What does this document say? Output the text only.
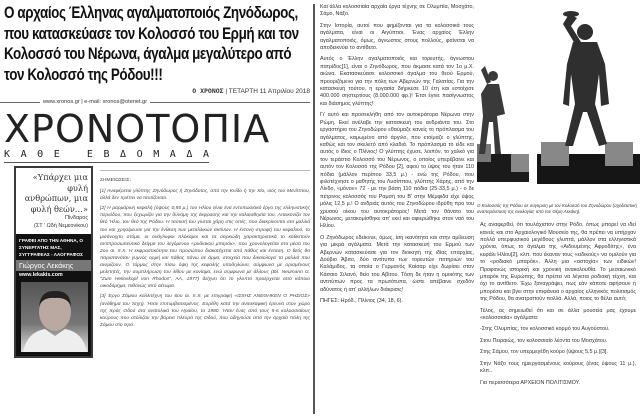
Ο αρχαίος Έλληνας αγαλματοποιός Ζηνόδωρος, που κατασκεύασε τον Κολοσσό του Ερμή και τον Κολοσσό του Νέρωνα, άγαλμα μεγαλύτερο από τον Κολοσσό της Ρόδου!!!
Ο ΧΡΟΝΟΣ | ΤΕΤΑΡΤΗ 11 Απριλίου 2018
www.xronos.gr | e-mail: xronos@otenet.gr
ΧΡΟΝΟΤΟΠΙΑ
Κ Α Θ Ε
	Ε Β Δ Ο Μ Α Δ Α
«Υπάρχει μια φυλή ανθρώπων, μια φυλή θεών…»
Πίνδαρος
(ΣΤ ' Ωδή Νεμεονίκου)
ΓΡΑΦΕΙ ΑΠΟ ΤΗΝ ΑΘΗΝΑ, Ο ΣΥΝΕΡΓΑΤΗΣ ΜΑΣ, ΣΥΓΓΡΑΦΕΑΣ - ΛΑΟΓΡΑΦΟΣ
Γιώργος Λεκάκης
www.lekakis.com
ΣΗΜΕΙΩΣΕΙΣ:

[1] Αναφέρεται γλύπτης Ζηνόδωρος ή Ζηνόδοτος, από την Κνίδο ή την Χίο, υιός του Μενίππου, αλλά δεν πρέπει να ταυτίζονται.

[2] Η μαρμάρινη κεφαλή (ύψους 0,55 μ.) του Ηλίου είναι ένα εντυπωσιακό έργο της ελληνιστικής περιόδου, που ξεχωρίζει για την δύναμη της έκφρασης και την καλαισθησία του. Απεικονίζει τον θεό Ήλιο, τον θεό της Ρόδου. Η ταύτισή του γίνεται χάρη στις οπές, που διακρίνονται στα μαλλιά του και χρησίμευαν για την ένθεση των μεταλλικών ακτίνων. Η έντονη στροφή του κεφαλιού, το μισάνοιχτο στόμα, οι ανάγλυφοι πλόκαμοι και τα σαρκώδη χαρακτηριστικά το καθιστούν αντιπροσωπευτικό δείγμα του λεγόμενου «ροδιακού μπαρόκ», που χρονολογείται στα μέσα του 2ου αι. π.Χ. Η εκφραστικότητα του προσώπου διακατέχεται από πάθος και ένταση. Ο θεός θα παριστανόταν γυμνός ορμή και πάθος πάνω σε άρμα, στοιχεία που δικαιολογεί τα μαλλιά που ανεμίζουν. Ο τόρμος στην πίσω όψη της κεφαλής υποδηλώνει, σύμφωνα με ορισμένους μελετητές, την συμπλήρωση του λίθου με κονίαμα, ενώ σύμφωνα με άλλους (Βλ. Neumann G. "Zum Helioskopf von Rhodos", AA, 1977) δείχνει ότι το γλυπτό προέρχεται από κάποιο οικοδόμημα, πιθανώς από αέτωμα.

[3] Έργο Σάμιου καλλιτέχνη του 6ου αι. π.Χ. με επιγραφή «ΙΣΧΗΣ ΑΝΕΘΗΚΕΝ Ο ΡΗΣΙΟΣ» (ανάθημα του Ίσχη). Ήταν επιτυμβιατισμένος. Ευρέθη κατά την ανασκαφική έρευνα στον χώρο της Ιεράς Οδού στα ανατολικά του Ηραίου, το 1980. Ήταν ένας από τους 5-6 κολοσσιαίους κούρους που στόλιζαν την βόρεια πλευρά της Οδού, που οδηγούσε από την αρχαία πόλη της Σάμου στο Ιερό.

Και άλλα κολοσσιαία αρχαία έργα τέχνης σε Ολυμπία, Μοσχάτο, Σάμο, Νάξο.

Στην Ιστορία, αυτοί που φημίζονται για τα κολοσσικά τους αγάλματα, είναι οι Αιγύπτιοι. Ένας αρχαίος Έλλην αγαλματοποιός, όμως, άγνωστος στους πολλούς, φαίνεται να αποδεικνύει το αντίθετο.

Αυτός ο Έλλην αγαλματοποιός και τορευτής, άγνωστου πατρίδος[1], είναι ο Ζηνόδωρος, που άκμασε κατά τον 1ο μ.Χ. αιώνα. Εκατασκεύασε κολοσσικό άγαλμα του θεού Ερμού, προοριζόμενο για την πόλη των Αβερνών της Γαλατίας. Για την κατασκευή τούτου, η εργασία διήρκεσε 10 έτη και εστοίχισε 400.000 σηστερτίους (8.000.000 φρ.)! Έτσι έγινε πασίγνωστος και διάσημος γλύπτης!

Γι' αυτό και προσεκλήθη από τον αυτοκράτορα Νέρωνα στην Ρώμη. Εκεί ανέλαβε την κατασκευή του ανδριάντα του. Στο εργαστήριο του Ζηνοδώρου εθαύμαζε κανείς το πρόπλασμα του αγάλματος, καμωμένο από άργιλο, που ετοίμαζε ο γλύπτης, καθώς και τον σκελετό από κλαδιά. Το πρόπλασμα το είδε και αυτός ο ίδιος ο Πλίνιος! Ο γλύπτης έχυσε, λοιπόν, το χαλκό για τον τεράστιο Κολοσσό του Νέρωνος, ο οποίος υπερέβαινε και αυτόν τον Κολοσσό της Ρόδου [2], αφού το ύψος του ήταν 110 πόδια (μάλλον περίπου 33,5 μ.) - ενώ της Ρόδου, που φιλοτέχνησε ο μαθητής του Λυσίππου, γλύπτης Χάρης, από την Λίνδο, «μόνον» 72 - με την βάση 110 πόδια (25-33,5 μ.) - ο δε πέτρινος κολοσσός του Ραμσή του Β' στην Μέμφιδα είχε ύψος μόλις 12,5 μ.! Ο ανδριάς αυτός του Ζηνοδώρου ιδρύθη προ του χρυσού οίκου του αυτοκράτορος! Μετά τον θάνατο του Νέρωνος, μετακομίσθηκε απ' εκεί και αφιερώθηκε στον ναό του Ηλίου.

Ο Ζηνόδωρος εδείκνυε, όμως, ίση ικανότητα και στην αμίλευση για μικρά αγάλματα. Μετά την κατασκευή του Ερμού των Αβερνών κατασκεύασε για τον διοικητή της ιδίας επαρχίας, Δούβιο Άβιτο, δύο αντίτυπα των τορευτών ποτηριών του Καλάμιδος, τα οποία ο Γερμανός Καίσαρ είχε δωρίσει στον Κάσσιο Σιλανό, θείο του Αβίτου. Τόση δε ήταν η ομοιότης των αντιτύπων προς τα πρωτότυπα, ώστε απέβαινε σχεδόν αδύνατος ή απ' αλλήλων διάκρισις!

ΠΗΓΕΣ: Ηρόδ., Πλίνιος (34, 18, 6).

Ο Κολοσσός της Ρόδου σε σύγκριση με τον Κολοσσό του Ζηνοδώρου (σχεδιαστική αναπαράσταση της αναλογίας από τον Θέμη Λεκάκη).

Ας αναφερθεί, ότι τουλάχιστον στην Ρόδο, όπως μπορεί να ιδεί κανείς και στο Αρχαιολογικό Μουσείο της, θα πρέπει να υπήρχαν πολλά υπερφυσικού μεγέθους γλυπτά, μάλλον στα ελληνιστικά χρόνια, όπως το άγαλμα της «Αιδουμένης Αφροδίτης», ένα κεφάλι Ηλίου[2], κλπ. που έκαναν τους «ειδικούς» να ομιλούν για το «ροδιακό μπαρόκ». Άλλη μια «αστοχία» των ειδικών! Προφανώς ιστορική και χρονική ανακολουθία. Το μεσαιωνικό μπαρόκ της Ευρώπης, θα πρέπει να λέγεται ροδιακή τέχνη, και όχι το αντίθετο. Έχω ξαναγράψει, πως εάν κάποτε αφήσουν ή μπορέσει και βγει στην επιφάνεια ο αρχαίος ελληνικός πολιτισμός της Ρόδου, θα ανατραπούν πολλά. Αλλά, ποιος το θέλει αυτό;

Τέλος, ας σημειωθεί ότι και σε άλλα μουσεία μας έχουμε «κολοσσιαία» αγάλματα:

-Στης Ολυμπίας, τον κολοσσικό κορμό του Αυγούστου.

Στου Πειραιώς, τον κολοσσιαίο λέοντα του Μοσχάτου.

Στης Σάμου, τον υπερμεγέθη κούρο (ύψους 5,5 μ.)[3].

Στην Νάξο τους ημιεργασμένους κούρους (ένας ύψους 11 μ.), κλπ..

Για περισσότερα ΑΡΧΕΙΟΝ ΠΟΛΙΤΙΣΜΟΥ.
